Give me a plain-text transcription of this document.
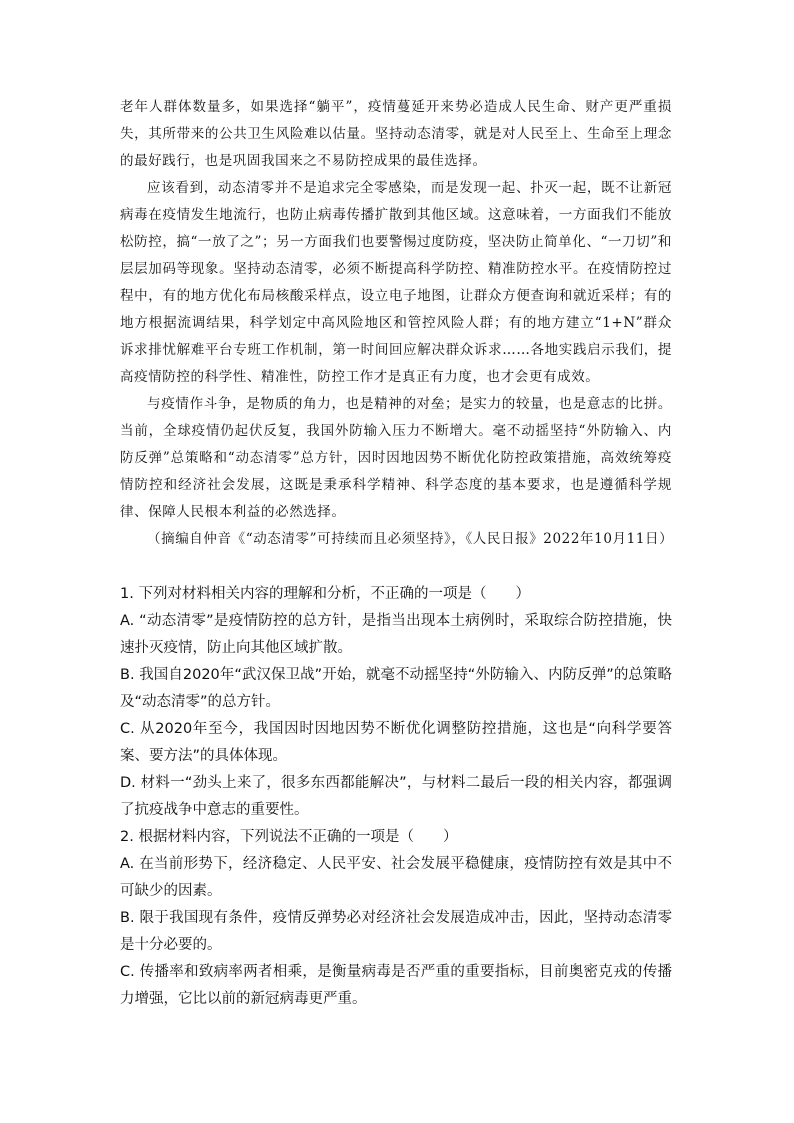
老年人群体数量多，如果选择“躺平”，疫情蔓延开来势必造成人民生命、财产更严重损失，其所带来的公共卫生风险难以估量。坚持动态清零，就是对人民至上、生命至上理念的最好践行，也是巩固我国来之不易防控成果的最佳选择。

应该看到，动态清零并不是追求完全零感染，而是发现一起、扑灭一起，既不让新冠病毒在疫情发生地流行，也防止病毒传播扩散到其他区域。这意味着，一方面我们不能放松防控，搞“一放了之”；另一方面我们也要警惕过度防疫，坚决防止简单化、“一刀切”和层层加码等现象。坚持动态清零，必须不断提高科学防控、精准防控水平。在疫情防控过程中，有的地方优化布局核酸采样点，设立电子地图，让群众方便查询和就近采样；有的地方根据流调结果，科学划定中高风险地区和管控风险人群；有的地方建立“1+N”群众诉求排忧解难平台专班工作机制，第一时间回应解决群众诉求……各地实践启示我们，提高疫情防控的科学性、精准性，防控工作才是真正有力度，也才会更有成效。

与疫情作斗争，是物质的角力，也是精神的对垒；是实力的较量，也是意志的比拼。当前，全球疫情仍起伏反复，我国外防输入压力不断增大。毫不动摇坚持“外防输入、内防反弹”总策略和“动态清零”总方针，因时因地因势不断优化防控政策措施，高效统筹疫情防控和经济社会发展，这既是秉承科学精神、科学态度的基本要求，也是遵循科学规律、保障人民根本利益的必然选择。

（摘编自仲音《“动态清零”可持续而且必须坚持》，《人民日报》2022年10月11日）

1. 下列对材料相关内容的理解和分析，不正确的一项是（　　）

A. “动态清零”是疫情防控的总方针，是指当出现本土病例时，采取综合防控措施，快速扑灭疫情，防止向其他区域扩散。

B. 我国自2020年“武汉保卫战”开始，就毫不动摇坚持“外防输入、内防反弹”的总策略及“动态清零”的总方针。

C. 从2020年至今，我国因时因地因势不断优化调整防控措施，这也是“向科学要答案、要方法”的具体体现。

D. 材料一“劲头上来了，很多东西都能解决”，与材料二最后一段的相关内容，都强调了抗疫战争中意志的重要性。

2. 根据材料内容，下列说法不正确的一项是（　　）

A. 在当前形势下，经济稳定、人民平安、社会发展平稳健康，疫情防控有效是其中不可缺少的因素。

B. 限于我国现有条件，疫情反弹势必对经济社会发展造成冲击，因此，坚持动态清零是十分必要的。

C. 传播率和致病率两者相乘，是衡量病毒是否严重的重要指标，目前奥密克戎的传播力增强，它比以前的新冠病毒更严重。
